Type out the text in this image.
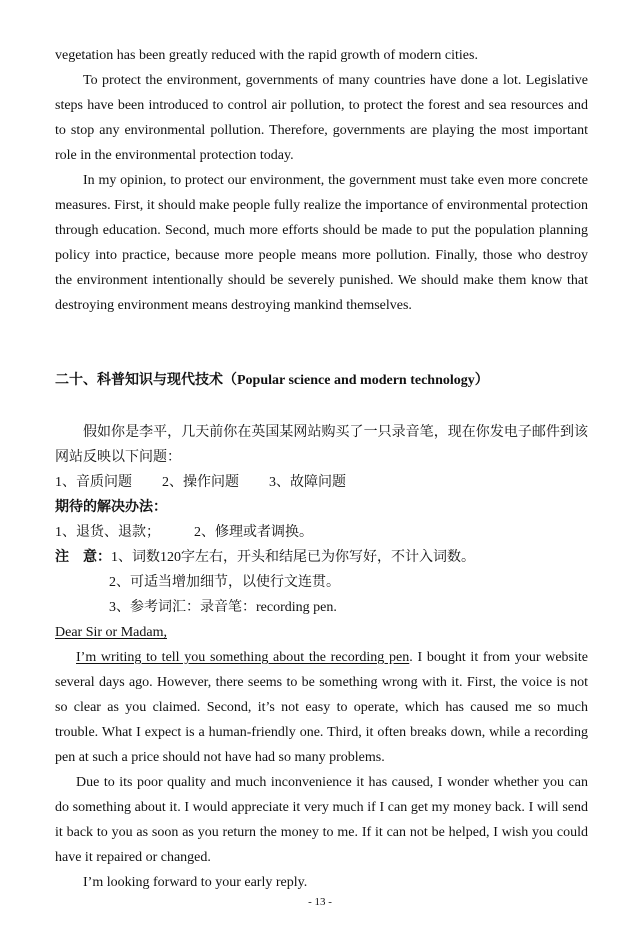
vegetation has been greatly reduced with the rapid growth of modern cities.

To protect the environment, governments of many countries have done a lot. Legislative steps have been introduced to control air pollution, to protect the forest and sea resources and to stop any environmental pollution. Therefore, governments are playing the most important role in the environmental protection today.

In my opinion, to protect our environment, the government must take even more concrete measures. First, it should make people fully realize the importance of environmental protection through education. Second, much more efforts should be made to put the population planning policy into practice, because more people means more pollution. Finally, those who destroy the environment intentionally should be severely punished. We should make them know that destroying environment means destroying mankind themselves.

二十、科普知识与现代技术（Popular science and modern technology）

假如你是李平，几天前你在英国某网站购买了一只录音笔，现在你发电子邮件到该网站反映以下问题：

1、音质问题 2、操作问题 3、故障问题
期待的解决办法：
1、退货、退款； 2、修理或者调换。
注　意：1、词数120字左右，开头和结尾已为你写好，不计入词数。
2、可适当增加细节，以使行文连贯。
3、参考词汇：录音笔：recording pen.
Dear Sir or Madam,

I’m writing to tell you something about the recording pen. I bought it from your website several days ago. However, there seems to be something wrong with it. First, the voice is not so clear as you claimed. Second, it’s not easy to operate, which has caused me so much trouble. What I expect is a human-friendly one. Third, it often breaks down, while a recording pen at such a price should not have had so many problems.

Due to its poor quality and much inconvenience it has caused, I wonder whether you can do something about it. I would appreciate it very much if I can get my money back. I will send it back to you as soon as you return the money to me. If it can not be helped, I wish you could have it repaired or changed.

I’m looking forward to your early reply.
- 13 -
